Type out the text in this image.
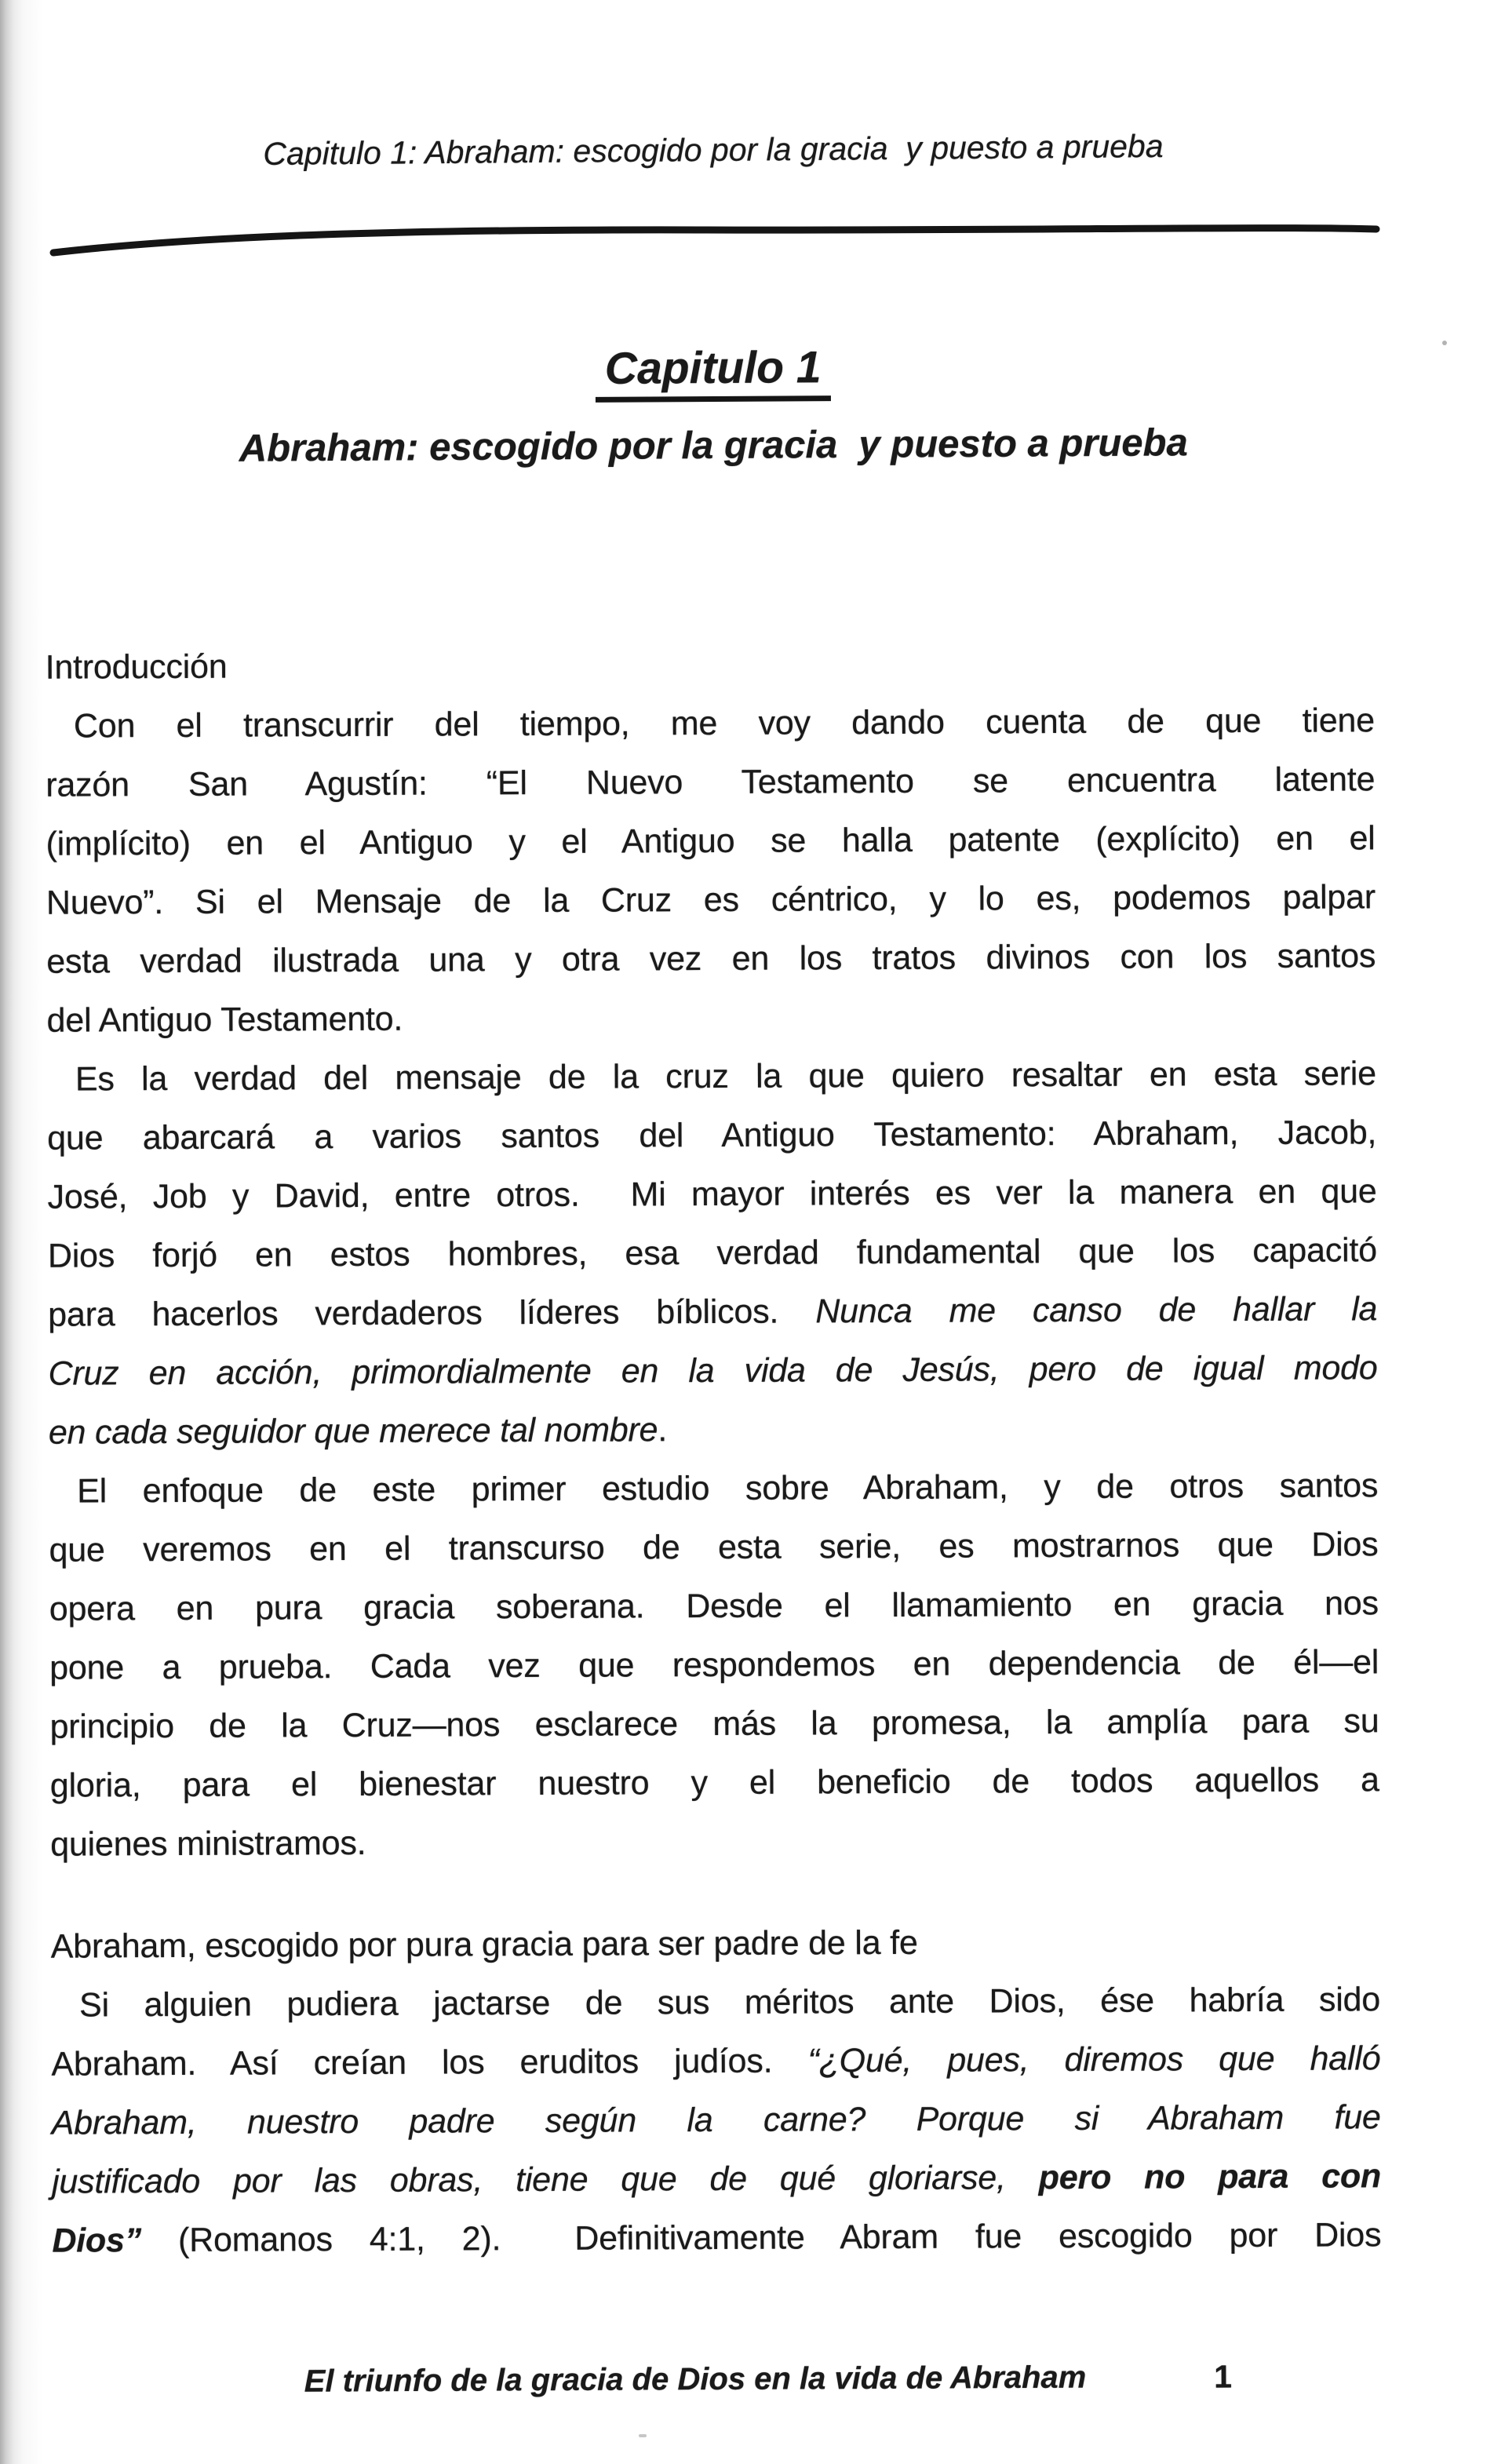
Capitulo 1: Abraham: escogido por la gracia  y puesto a prueba
Capitulo 1
Abraham: escogido por la gracia  y puesto a prueba
Introducción
Con el transcurrir del tiempo, me voy dando cuenta de que tiene
razón San Agustín: “El Nuevo Testamento se encuentra latente
(implícito) en el Antiguo y el Antiguo se halla patente (explícito) en el
Nuevo”. Si el Mensaje de la Cruz es céntrico, y lo es, podemos palpar
esta verdad ilustrada una y otra vez en los tratos divinos con los santos
del Antiguo Testamento.
Es la verdad del mensaje de la cruz la que quiero resaltar en esta serie
que abarcará a varios santos del Antiguo Testamento: Abraham, Jacob,
José, Job y David, entre otros.  Mi mayor interés es ver la manera en que
Dios forjó en estos hombres, esa verdad fundamental que los capacitó
para hacerlos verdaderos líderes bíblicos. Nunca me canso de hallar la
Cruz en acción, primordialmente en la vida de Jesús, pero de igual modo
en cada seguidor que merece tal nombre.
El enfoque de este primer estudio sobre Abraham, y de otros santos
que veremos en el transcurso de esta serie, es mostrarnos que Dios
opera en pura gracia soberana. Desde el llamamiento en gracia nos
pone a prueba. Cada vez que respondemos en dependencia de él—el
principio de la Cruz—nos esclarece más la promesa, la amplía para su
gloria, para el bienestar nuestro y el beneficio de todos aquellos a
quienes ministramos.
Abraham, escogido por pura gracia para ser padre de la fe
Si alguien pudiera jactarse de sus méritos ante Dios, ése habría sido
Abraham. Así creían los eruditos judíos. “¿Qué, pues, diremos que halló
Abraham, nuestro padre según la carne? Porque si Abraham fue
justificado por las obras, tiene que de qué gloriarse, pero no para con
Dios” (Romanos 4:1, 2).  Definitivamente Abram fue escogido por Dios
El triunfo de la gracia de Dios en la vida de Abraham	1
